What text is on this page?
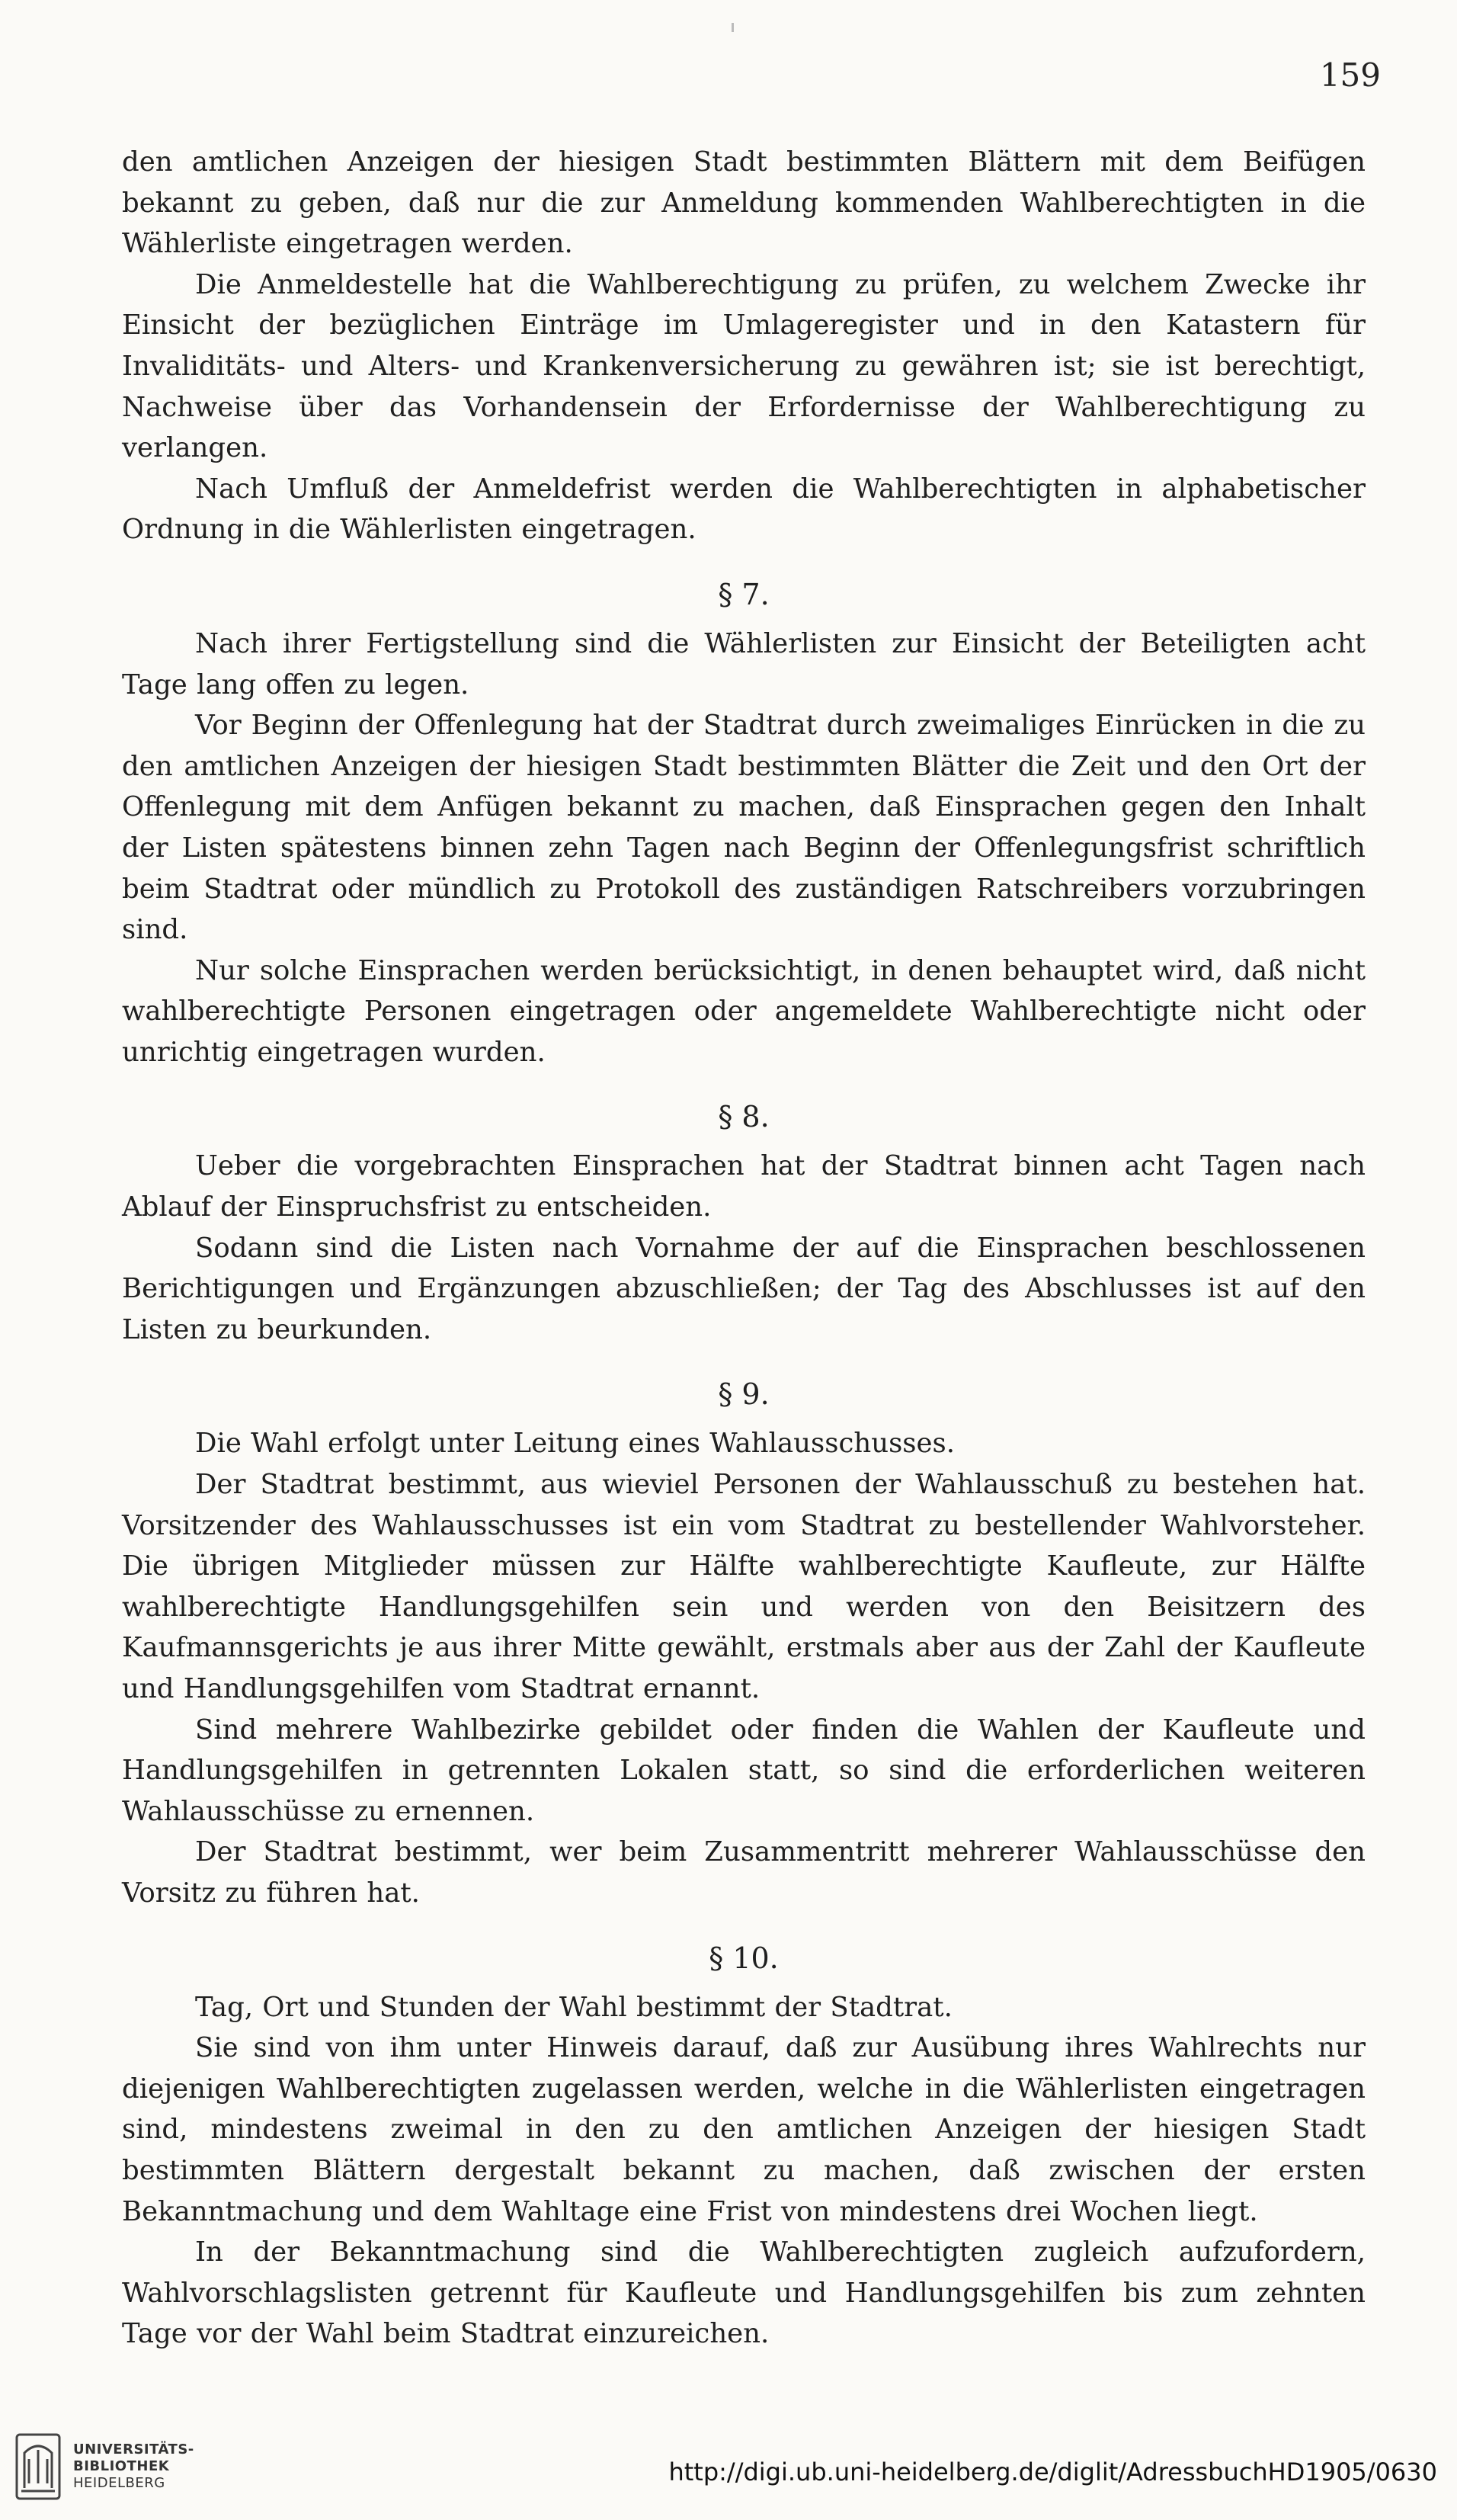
159

den amtlichen Anzeigen der hiesigen Stadt bestimmten Blättern mit dem Beifügen bekannt zu geben, daß nur die zur Anmeldung kommenden Wahlberechtigten in die Wählerliste eingetragen werden.

Die Anmeldestelle hat die Wahlberechtigung zu prüfen, zu welchem Zwecke ihr Einsicht der bezüglichen Einträge im Umlageregister und in den Katastern für Invaliditäts- und Alters- und Krankenversicherung zu gewähren ist; sie ist berechtigt, Nachweise über das Vorhandensein der Erfordernisse der Wahlberechtigung zu verlangen.

Nach Umfluß der Anmeldefrist werden die Wahlberechtigten in alphabetischer Ordnung in die Wählerlisten eingetragen.

§ 7.

Nach ihrer Fertigstellung sind die Wählerlisten zur Einsicht der Beteiligten acht Tage lang offen zu legen.

Vor Beginn der Offenlegung hat der Stadtrat durch zweimaliges Einrücken in die zu den amtlichen Anzeigen der hiesigen Stadt bestimmten Blätter die Zeit und den Ort der Offenlegung mit dem Anfügen bekannt zu machen, daß Einsprachen gegen den Inhalt der Listen spätestens binnen zehn Tagen nach Beginn der Offenlegungsfrist schriftlich beim Stadtrat oder mündlich zu Protokoll des zuständigen Ratschreibers vorzubringen sind.

Nur solche Einsprachen werden berücksichtigt, in denen behauptet wird, daß nicht wahlberechtigte Personen eingetragen oder angemeldete Wahlberechtigte nicht oder unrichtig eingetragen wurden.

§ 8.

Ueber die vorgebrachten Einsprachen hat der Stadtrat binnen acht Tagen nach Ablauf der Einspruchsfrist zu entscheiden.

Sodann sind die Listen nach Vornahme der auf die Einsprachen beschlossenen Berichtigungen und Ergänzungen abzuschließen; der Tag des Abschlusses ist auf den Listen zu beurkunden.

§ 9.

Die Wahl erfolgt unter Leitung eines Wahlausschusses.

Der Stadtrat bestimmt, aus wieviel Personen der Wahlausschuß zu bestehen hat. Vorsitzender des Wahlausschusses ist ein vom Stadtrat zu bestellender Wahlvorsteher. Die übrigen Mitglieder müssen zur Hälfte wahlberechtigte Kaufleute, zur Hälfte wahlberechtigte Handlungsgehilfen sein und werden von den Beisitzern des Kaufmannsgerichts je aus ihrer Mitte gewählt, erstmals aber aus der Zahl der Kaufleute und Handlungsgehilfen vom Stadtrat ernannt.

Sind mehrere Wahlbezirke gebildet oder finden die Wahlen der Kaufleute und Handlungsgehilfen in getrennten Lokalen statt, so sind die erforderlichen weiteren Wahlausschüsse zu ernennen.

Der Stadtrat bestimmt, wer beim Zusammentritt mehrerer Wahlausschüsse den Vorsitz zu führen hat.

§ 10.

Tag, Ort und Stunden der Wahl bestimmt der Stadtrat.

Sie sind von ihm unter Hinweis darauf, daß zur Ausübung ihres Wahlrechts nur diejenigen Wahlberechtigten zugelassen werden, welche in die Wählerlisten eingetragen sind, mindestens zweimal in den zu den amtlichen Anzeigen der hiesigen Stadt bestimmten Blättern dergestalt bekannt zu machen, daß zwischen der ersten Bekanntmachung und dem Wahltage eine Frist von mindestens drei Wochen liegt.

In der Bekanntmachung sind die Wahlberechtigten zugleich aufzufordern, Wahlvorschlagslisten getrennt für Kaufleute und Handlungsgehilfen bis zum zehnten Tage vor der Wahl beim Stadtrat einzureichen.

UNIVERSITÄTS-
BIBLIOTHEK
HEIDELBERG	http://digi.ub.uni-heidelberg.de/diglit/AdressbuchHD1905/0630
